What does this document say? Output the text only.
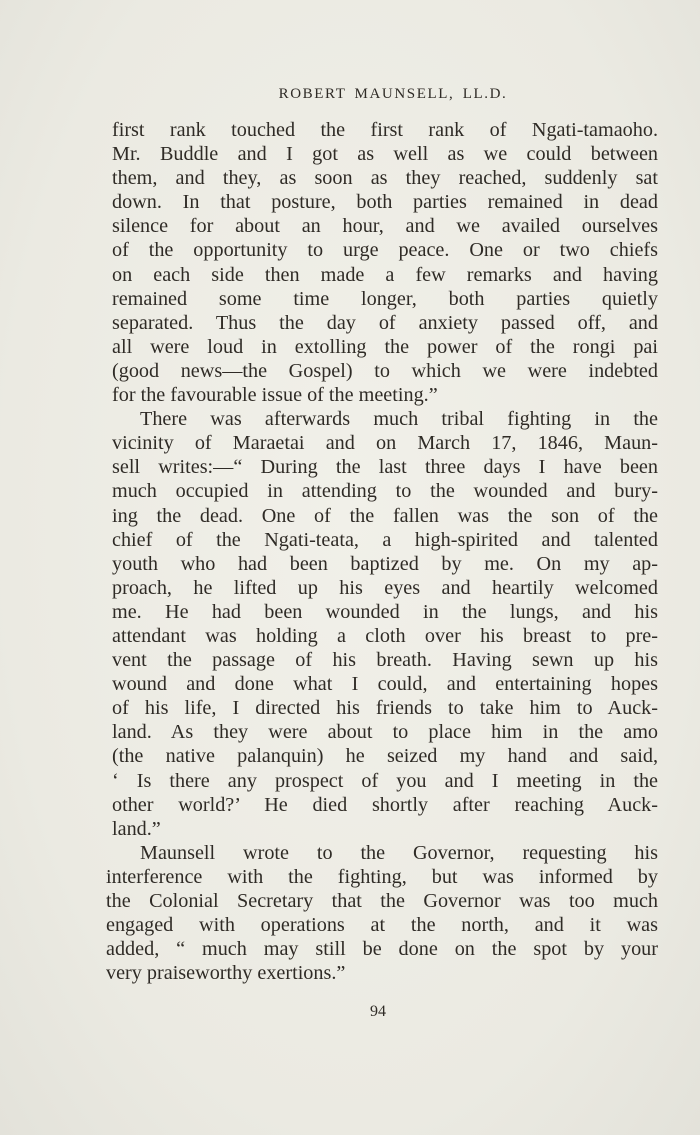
ROBERT MAUNSELL, LL.D.
first rank touched the first rank of Ngati-tamaoho.
Mr. Buddle and I got as well as we could between
them, and they, as soon as they reached, suddenly sat
down. In that posture, both parties remained in dead
silence for about an hour, and we availed ourselves
of the opportunity to urge peace. One or two chiefs
on each side then made a few remarks and having
remained some time longer, both parties quietly
separated. Thus the day of anxiety passed off, and
all were loud in extolling the power of the rongi pai
(good news—the Gospel) to which we were indebted
for the favourable issue of the meeting.”
There was afterwards much tribal fighting in the
vicinity of Maraetai and on March 17, 1846, Maun-
sell writes:—“ During the last three days I have been
much occupied in attending to the wounded and bury-
ing the dead. One of the fallen was the son of the
chief of the Ngati-teata, a high-spirited and talented
youth who had been baptized by me. On my ap-
proach, he lifted up his eyes and heartily welcomed
me. He had been wounded in the lungs, and his
attendant was holding a cloth over his breast to pre-
vent the passage of his breath. Having sewn up his
wound and done what I could, and entertaining hopes
of his life, I directed his friends to take him to Auck-
land. As they were about to place him in the amo
(the native palanquin) he seized my hand and said,
‘ Is there any prospect of you and I meeting in the
other world?’ He died shortly after reaching Auck-
land.”
Maunsell wrote to the Governor, requesting his
interference with the fighting, but was informed by
the Colonial Secretary that the Governor was too much
engaged with operations at the north, and it was
added, “ much may still be done on the spot by your
very praiseworthy exertions.”
94
